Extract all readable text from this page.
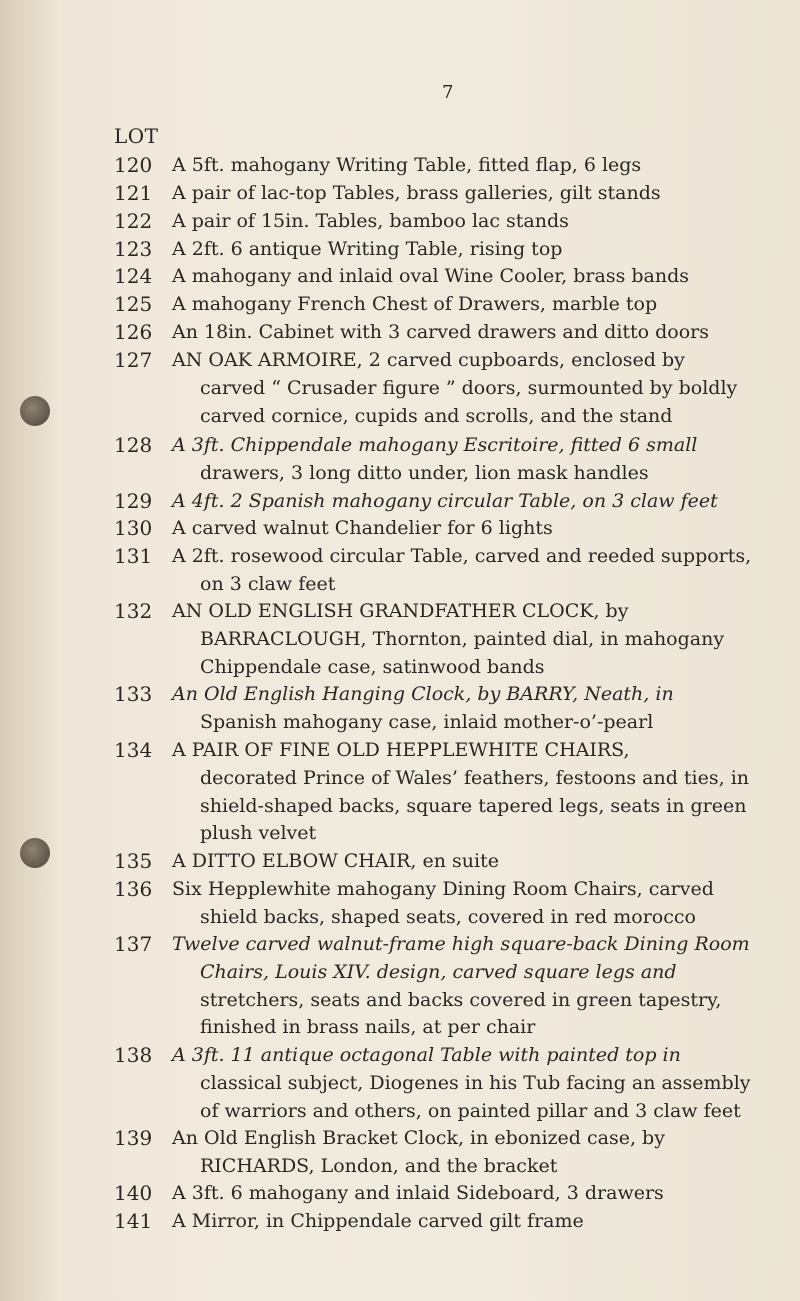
7
LOT
120	A 5ft. mahogany Writing Table, fitted flap, 6 legs
121	A pair of lac-top Tables, brass galleries, gilt stands
122	A pair of 15in. Tables, bamboo lac stands
123	A 2ft. 6 antique Writing Table, rising top
124	A mahogany and inlaid oval Wine Cooler, brass bands
125	A mahogany French Chest of Drawers, marble top
126	An 18in. Cabinet with 3 carved drawers and ditto doors
127	AN OAK ARMOIRE, 2 carved cupboards, enclosed by
carved “ Crusader figure ” doors, surmounted by boldly
carved cornice, cupids and scrolls, and the stand
128	A 3ft. Chippendale mahogany Escritoire, fitted 6 small
drawers, 3 long ditto under, lion mask handles
129	A 4ft. 2 Spanish mahogany circular Table, on 3 claw feet
130	A carved walnut Chandelier for 6 lights
131	A 2ft. rosewood circular Table, carved and reeded supports,
on 3 claw feet
132	AN OLD ENGLISH GRANDFATHER CLOCK, by
BARRACLOUGH, Thornton, painted dial, in mahogany
Chippendale case, satinwood bands
133	An Old English Hanging Clock, by BARRY, Neath, in
Spanish mahogany case, inlaid mother-o’-pearl
134	A PAIR OF FINE OLD HEPPLEWHITE CHAIRS,
decorated Prince of Wales’ feathers, festoons and ties, in
shield-shaped backs, square tapered legs, seats in green
plush velvet
135	A DITTO ELBOW CHAIR, en suite
136	Six Hepplewhite mahogany Dining Room Chairs, carved
shield backs, shaped seats, covered in red morocco
137	Twelve carved walnut-frame high square-back Dining Room
Chairs, Louis XIV. design, carved square legs and
stretchers, seats and backs covered in green tapestry,
finished in brass nails, at per chair
138	A 3ft. 11 antique octagonal Table with painted top in
classical subject, Diogenes in his Tub facing an assembly
of warriors and others, on painted pillar and 3 claw feet
139	An Old English Bracket Clock, in ebonized case, by
RICHARDS, London, and the bracket
140	A 3ft. 6 mahogany and inlaid Sideboard, 3 drawers
141	A Mirror, in Chippendale carved gilt frame
